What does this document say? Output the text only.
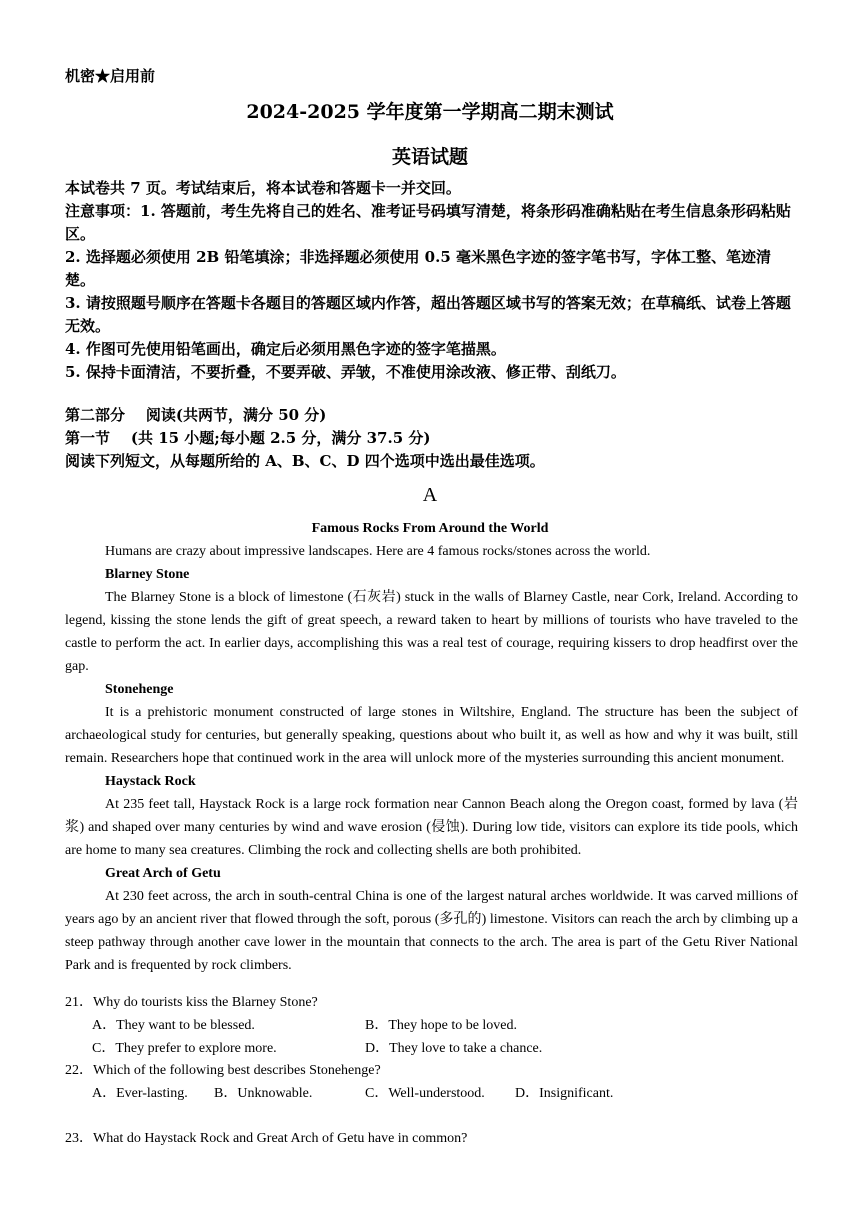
机密★启用前
2024-2025 学年度第一学期高二期末测试
英语试题
本试卷共 7 页。考试结束后，将本试卷和答题卡一并交回。
注意事项：1. 答题前，考生先将自己的姓名、准考证号码填写清楚，将条形码准确粘贴在考生信息条形码粘贴区。
2. 选择题必须使用 2B 铅笔填涂；非选择题必须使用 0.5 毫米黑色字迹的签字笔书写，字体工整、笔迹清楚。
3. 请按照题号顺序在答题卡各题目的答题区域内作答，超出答题区域书写的答案无效；在草稿纸、试卷上答题无效。
4. 作图可先使用铅笔画出，确定后必须用黑色字迹的签字笔描黑。
5. 保持卡面清洁，不要折叠，不要弄破、弄皱，不准使用涂改液、修正带、刮纸刀。
第二部分    阅读(共两节，满分 50 分)
第一节    (共 15 小题;每小题 2.5 分，满分 37.5 分)
阅读下列短文，从每题所给的 A、B、C、D 四个选项中选出最佳选项。
A
Famous Rocks From Around the World
Humans are crazy about impressive landscapes. Here are 4 famous rocks/stones across the world.
Blarney Stone
The Blarney Stone is a block of limestone (石灰岩) stuck in the walls of Blarney Castle, near Cork, Ireland. According to legend, kissing the stone lends the gift of great speech, a reward taken to heart by millions of tourists who have traveled to the castle to perform the act. In earlier days, accomplishing this was a real test of courage, requiring kissers to drop headfirst over the gap.
Stonehenge
It is a prehistoric monument constructed of large stones in Wiltshire, England. The structure has been the subject of archaeological study for centuries, but generally speaking, questions about who built it, as well as how and why it was built, still remain. Researchers hope that continued work in the area will unlock more of the mysteries surrounding this ancient monument.
Haystack Rock
At 235 feet tall, Haystack Rock is a large rock formation near Cannon Beach along the Oregon coast, formed by lava (岩浆) and shaped over many centuries by wind and wave erosion (侵蚀). During low tide, visitors can explore its tide pools, which are home to many sea creatures. Climbing the rock and collecting shells are both prohibited.
Great Arch of Getu
At 230 feet across, the arch in south-central China is one of the largest natural arches worldwide. It was carved millions of years ago by an ancient river that flowed through the soft, porous (多孔的) limestone. Visitors can reach the arch by climbing up a steep pathway through another cave lower in the mountain that connects to the arch. The area is part of the Getu River National Park and is frequented by rock climbers.
21．Why do tourists kiss the Blarney Stone?
A．They want to be blessed.	B．They hope to be loved.
C．They prefer to explore more.	D．They love to take a chance.
22．Which of the following best describes Stonehenge?
A．Ever-lasting. B．Unknowable.	C．Well-understood. D．Insignificant.
23．What do Haystack Rock and Great Arch of Getu have in common?
